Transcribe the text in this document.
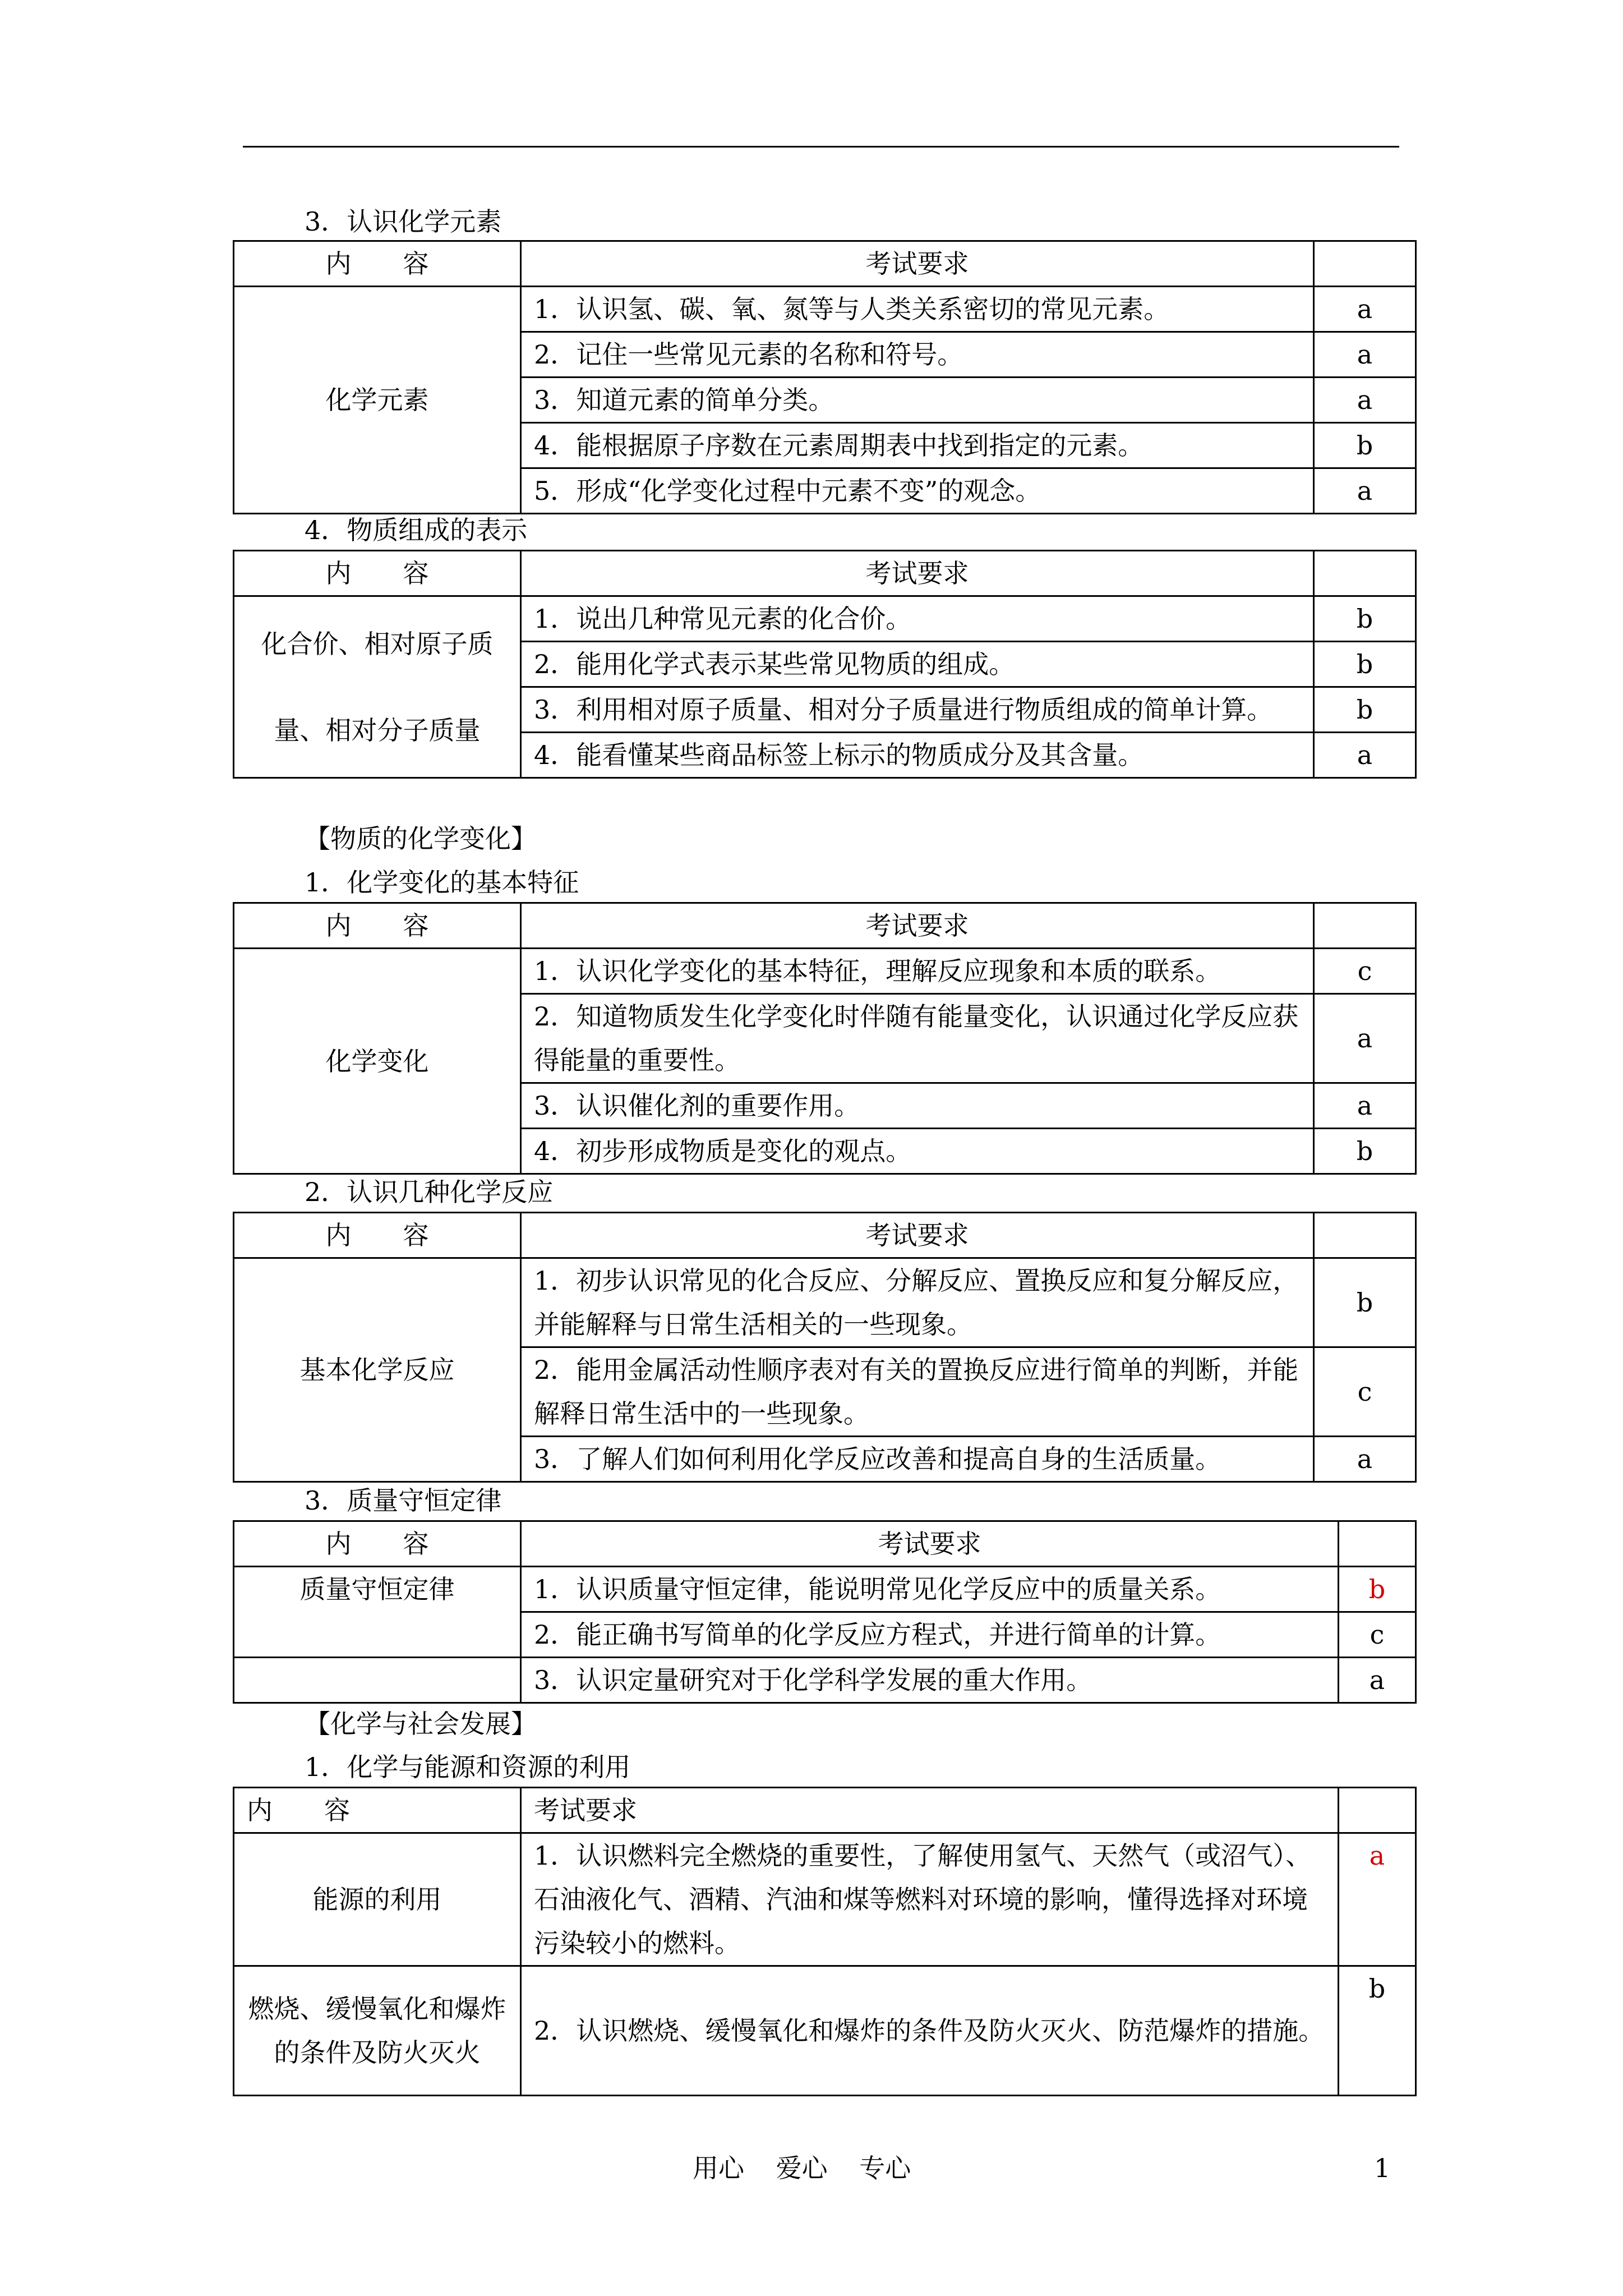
3．认识化学元素
内　　容	考试要求	
化学元素	1．认识氢、碳、氧、氮等与人类关系密切的常见元素。	a
	2．记住一些常见元素的名称和符号。	a
	3．知道元素的简单分类。	a
	4．能根据原子序数在元素周期表中找到指定的元素。	b
	5．形成“化学变化过程中元素不变”的观念。	a
4．物质组成的表示
内　　容	考试要求	
化合价、相对原子质量、相对分子质量	1．说出几种常见元素的化合价。	b
	2．能用化学式表示某些常见物质的组成。	b
	3．利用相对原子质量、相对分子质量进行物质组成的简单计算。	b
	4．能看懂某些商品标签上标示的物质成分及其含量。	a
【物质的化学变化】
1．化学变化的基本特征
内　　容	考试要求	
化学变化	1．认识化学变化的基本特征，理解反应现象和本质的联系。	c
	2．知道物质发生化学变化时伴随有能量变化，认识通过化学反应获得能量的重要性。	a
	3．认识催化剂的重要作用。	a
	4．初步形成物质是变化的观点。	b
2．认识几种化学反应
内　　容	考试要求	
基本化学反应	1．初步认识常见的化合反应、分解反应、置换反应和复分解反应，并能解释与日常生活相关的一些现象。	b
	2．能用金属活动性顺序表对有关的置换反应进行简单的判断，并能解释日常生活中的一些现象。	c
	3．了解人们如何利用化学反应改善和提高自身的生活质量。	a
3．质量守恒定律
内　　容	考试要求	
质量守恒定律	1．认识质量守恒定律，能说明常见化学反应中的质量关系。	b
	2．能正确书写简单的化学反应方程式，并进行简单的计算。	c
	3．认识定量研究对于化学科学发展的重大作用。	a
【化学与社会发展】
1．化学与能源和资源的利用
内　　容	考试要求	
能源的利用	1．认识燃料完全燃烧的重要性，了解使用氢气、天然气（或沼气）、石油液化气、酒精、汽油和煤等燃料对环境的影响，懂得选择对环境污染较小的燃料。	a
燃烧、缓慢氧化和爆炸的条件及防火灭火	2．认识燃烧、缓慢氧化和爆炸的条件及防火灭火、防范爆炸的措施。	b
用心 爱心 专心	1
